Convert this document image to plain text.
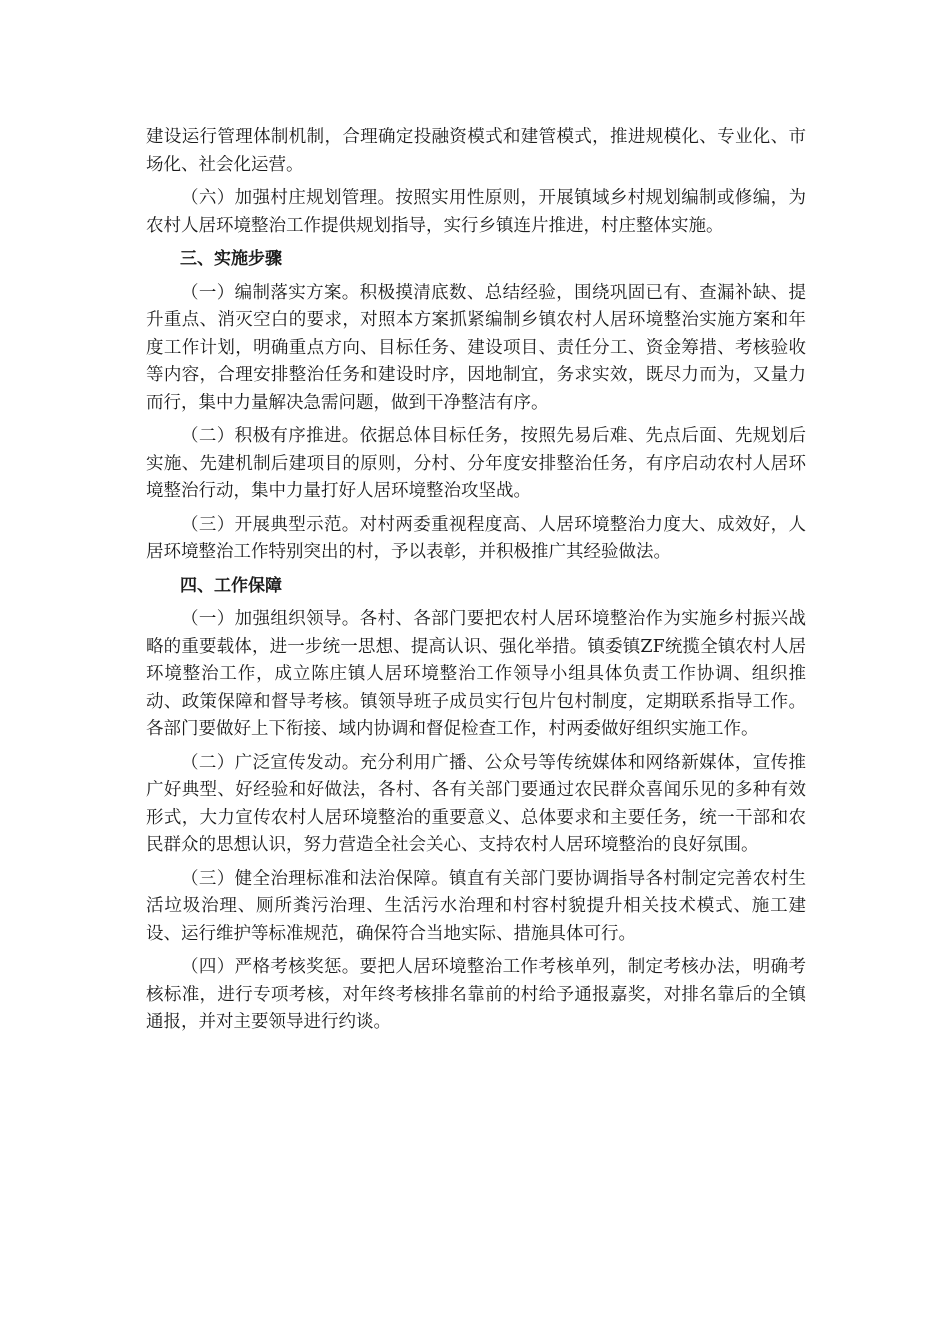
建设运行管理体制机制，合理确定投融资模式和建管模式，推进规模化、专业化、市场化、社会化运营。

（六）加强村庄规划管理。按照实用性原则，开展镇域乡村规划编制或修编，为农村人居环境整治工作提供规划指导，实行乡镇连片推进，村庄整体实施。

三、实施步骤

（一）编制落实方案。积极摸清底数、总结经验，围绕巩固已有、查漏补缺、提升重点、消灭空白的要求，对照本方案抓紧编制乡镇农村人居环境整治实施方案和年度工作计划，明确重点方向、目标任务、建设项目、责任分工、资金筹措、考核验收等内容，合理安排整治任务和建设时序，因地制宜，务求实效，既尽力而为，又量力而行，集中力量解决急需问题，做到干净整洁有序。

（二）积极有序推进。依据总体目标任务，按照先易后难、先点后面、先规划后实施、先建机制后建项目的原则，分村、分年度安排整治任务，有序启动农村人居环境整治行动，集中力量打好人居环境整治攻坚战。

（三）开展典型示范。对村两委重视程度高、人居环境整治力度大、成效好，人居环境整治工作特别突出的村，予以表彰，并积极推广其经验做法。

四、工作保障

（一）加强组织领导。各村、各部门要把农村人居环境整治作为实施乡村振兴战略的重要载体，进一步统一思想、提高认识、强化举措。镇委镇ZF统揽全镇农村人居环境整治工作，成立陈庄镇人居环境整治工作领导小组具体负责工作协调、组织推动、政策保障和督导考核。镇领导班子成员实行包片包村制度，定期联系指导工作。各部门要做好上下衔接、域内协调和督促检查工作，村两委做好组织实施工作。

（二）广泛宣传发动。充分利用广播、公众号等传统媒体和网络新媒体，宣传推广好典型、好经验和好做法，各村、各有关部门要通过农民群众喜闻乐见的多种有效形式，大力宣传农村人居环境整治的重要意义、总体要求和主要任务，统一干部和农民群众的思想认识，努力营造全社会关心、支持农村人居环境整治的良好氛围。

（三）健全治理标准和法治保障。镇直有关部门要协调指导各村制定完善农村生活垃圾治理、厕所粪污治理、生活污水治理和村容村貌提升相关技术模式、施工建设、运行维护等标准规范，确保符合当地实际、措施具体可行。

（四）严格考核奖惩。要把人居环境整治工作考核单列，制定考核办法，明确考核标准，进行专项考核，对年终考核排名靠前的村给予通报嘉奖，对排名靠后的全镇通报，并对主要领导进行约谈。
